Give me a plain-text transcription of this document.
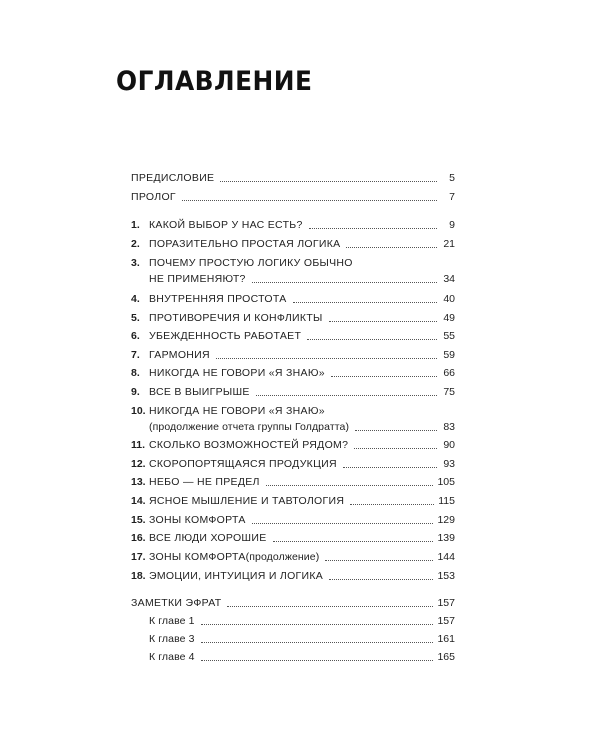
ОГЛАВЛЕНИЕ
ПРЕДИСЛОВИЕ	5
ПРОЛОГ	7
1. КАКОЙ ВЫБОР У НАС ЕСТЬ?	9
2. ПОРАЗИТЕЛЬНО ПРОСТАЯ ЛОГИКА	21
3. ПОЧЕМУ ПРОСТУЮ ЛОГИКУ ОБЫЧНО
НЕ ПРИМЕНЯЮТ?	34
4. ВНУТРЕННЯЯ ПРОСТОТА	40
5. ПРОТИВОРЕЧИЯ И КОНФЛИКТЫ	49
6. УБЕЖДЕННОСТЬ РАБОТАЕТ	55
7. ГАРМОНИЯ	59
8. НИКОГДА НЕ ГОВОРИ «Я ЗНАЮ»	66
9. ВСЕ В ВЫИГРЫШЕ	75
10. НИКОГДА НЕ ГОВОРИ «Я ЗНАЮ»
(продолжение отчета группы Голдратта)	83
11. СКОЛЬКО ВОЗМОЖНОСТЕЙ РЯДОМ?	90
12. СКОРОПОРТЯЩАЯСЯ ПРОДУКЦИЯ	93
13. НЕБО — НЕ ПРЕДЕЛ	105
14. ЯСНОЕ МЫШЛЕНИЕ И ТАВТОЛОГИЯ	115
15. ЗОНЫ КОМФОРТА	129
16. ВСЕ ЛЮДИ ХОРОШИЕ	139
17. ЗОНЫ КОМФОРТА (продолжение)	144
18. ЭМОЦИИ, ИНТУИЦИЯ И ЛОГИКА	153
ЗАМЕТКИ ЭФРАТ	157
К главе 1	157
К главе 3	161
К главе 4	165
